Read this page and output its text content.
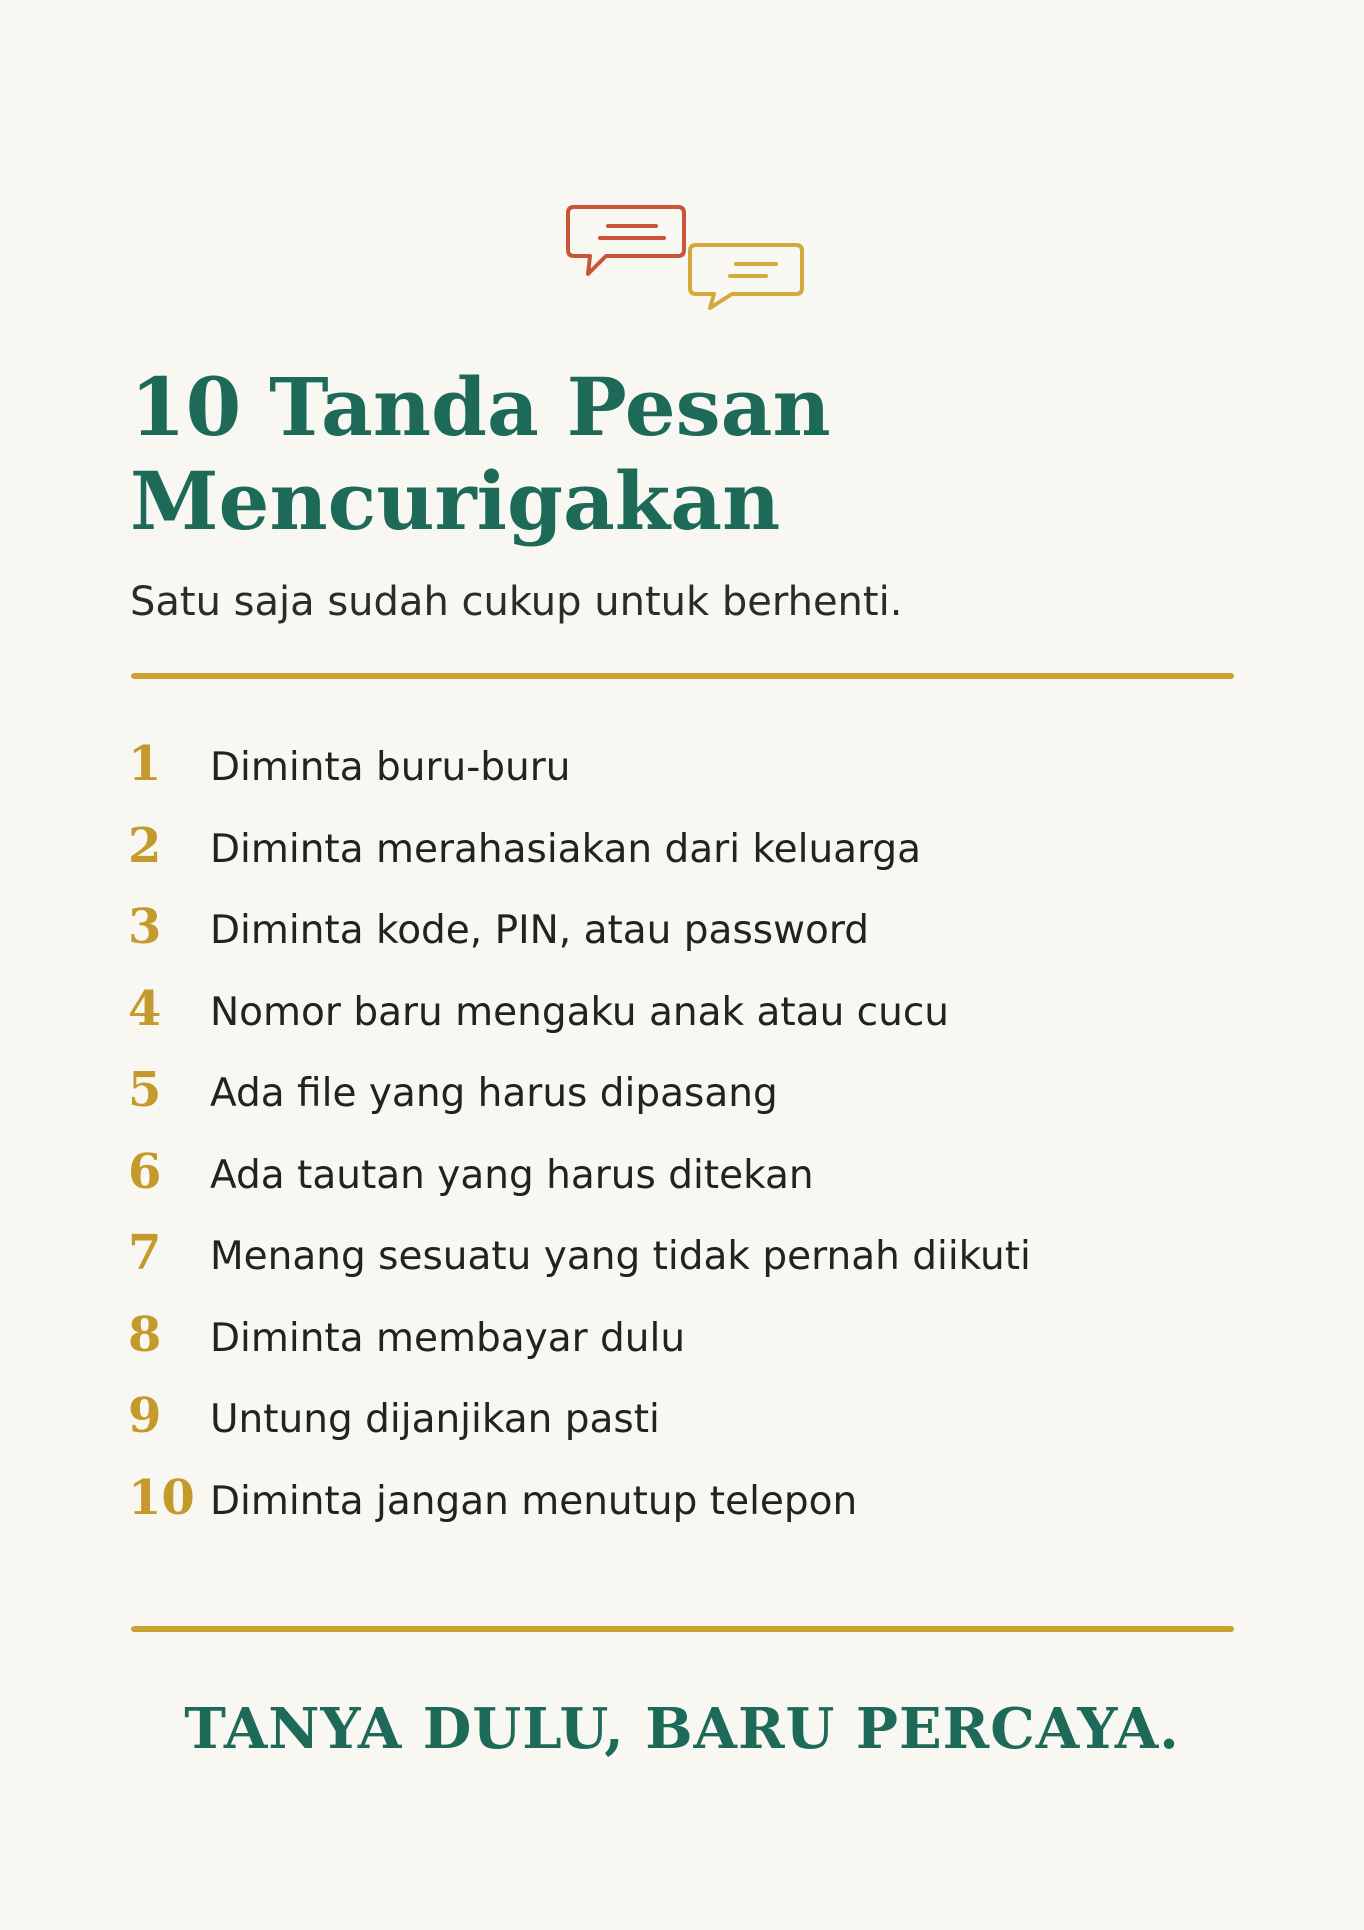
10 Tanda Pesan
Mencurigakan

Satu saja sudah cukup untuk berhenti.

1 Diminta buru-buru
2 Diminta merahasiakan dari keluarga
3 Diminta kode, PIN, atau password
4 Nomor baru mengaku anak atau cucu
5 Ada file yang harus dipasang
6 Ada tautan yang harus ditekan
7 Menang sesuatu yang tidak pernah diikuti
8 Diminta membayar dulu
9 Untung dijanjikan pasti
10 Diminta jangan menutup telepon

TANYA DULU, BARU PERCAYA.
